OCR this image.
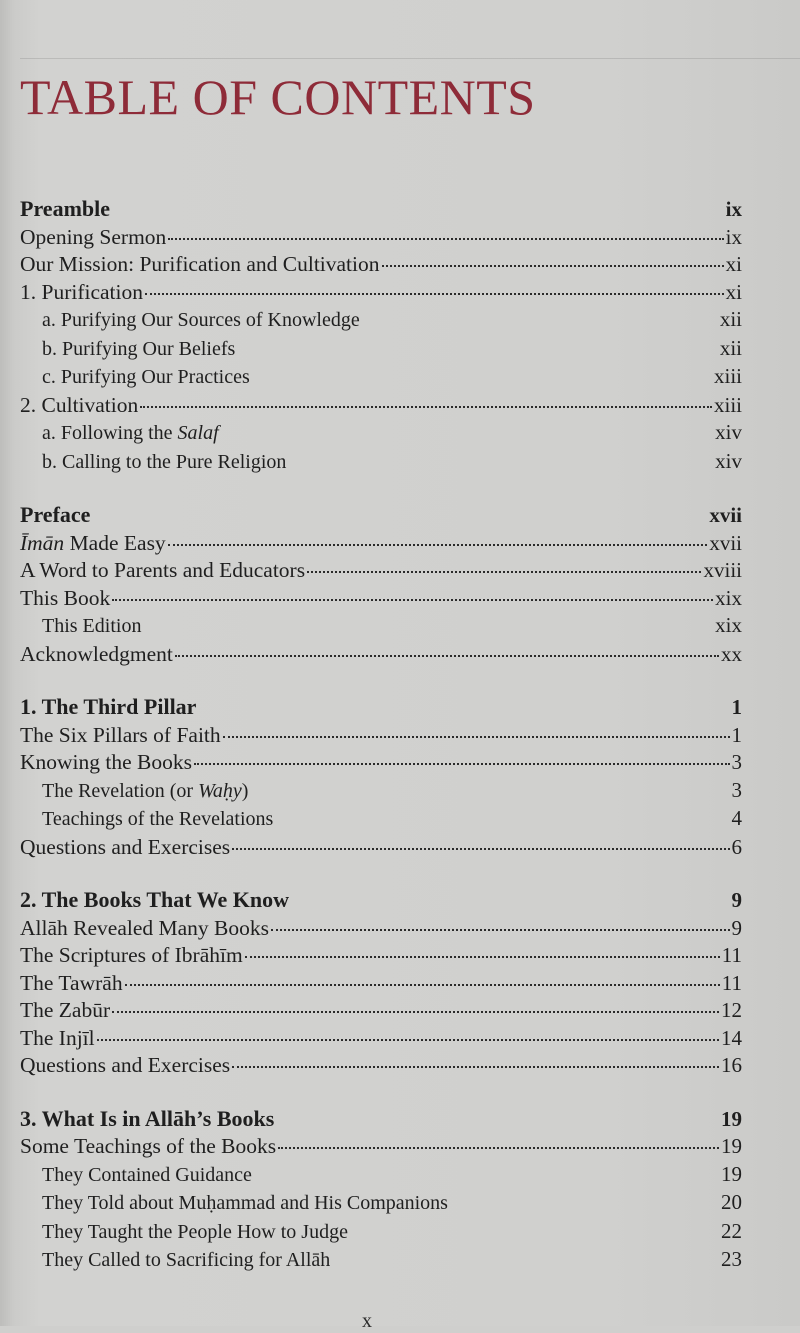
TABLE OF CONTENTS
Preamble	ix
Opening Sermon	ix
Our Mission: Purification and Cultivation	xi
1. Purification	xi
a. Purifying Our Sources of Knowledge	xii
b. Purifying Our Beliefs	xii
c. Purifying Our Practices	xiii
2. Cultivation	xiii
a. Following the Salaf	xiv
b. Calling to the Pure Religion	xiv
Preface	xvii
Īmān Made Easy	xvii
A Word to Parents and Educators	xviii
This Book	xix
This Edition	xix
Acknowledgment	xx
1. The Third Pillar	1
The Six Pillars of Faith	1
Knowing the Books	3
The Revelation (or Waḥy)	3
Teachings of the Revelations	4
Questions and Exercises	6
2. The Books That We Know	9
Allāh Revealed Many Books	9
The Scriptures of Ibrāhīm	11
The Tawrāh	11
The Zabūr	12
The Injīl	14
Questions and Exercises	16
3. What Is in Allāh’s Books	19
Some Teachings of the Books	19
They Contained Guidance	19
They Told about Muḥammad and His Companions	20
They Taught the People How to Judge	22
They Called to Sacrificing for Allāh	23
x
